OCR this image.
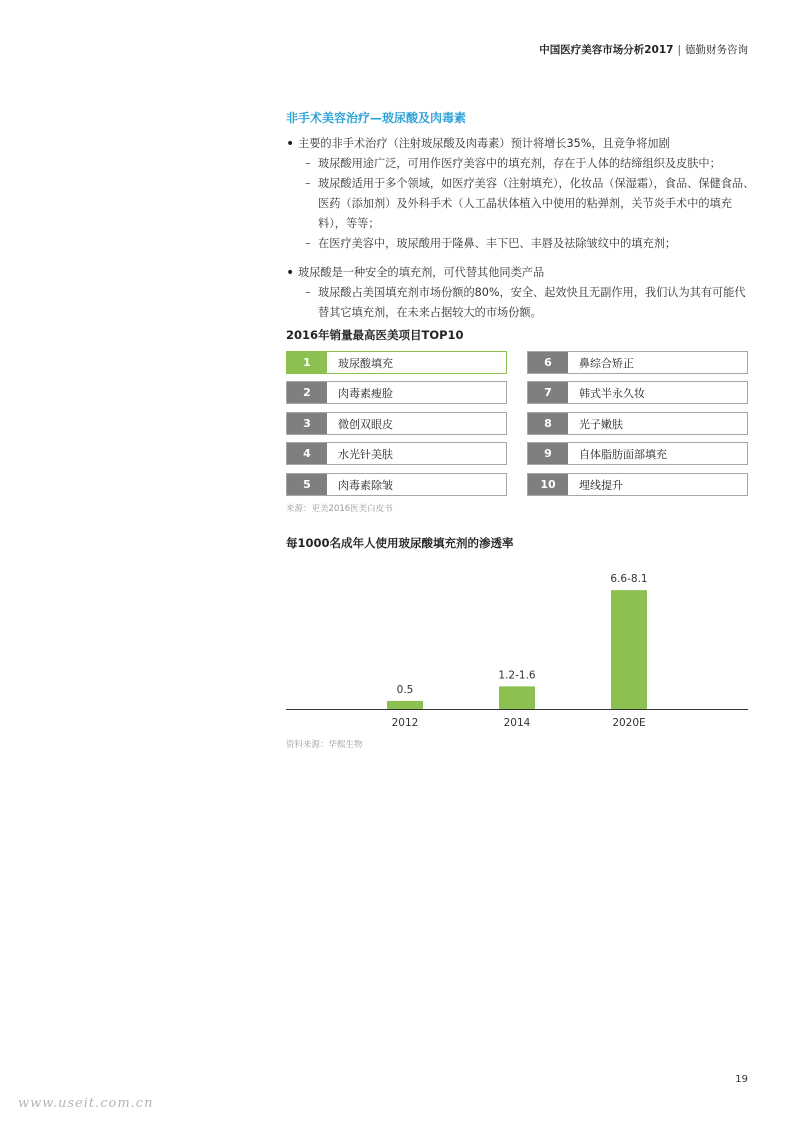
中国医疗美容市场分析2017 | 德勤财务咨询
非手术美容治疗—玻尿酸及肉毒素
• 主要的非手术治疗（注射玻尿酸及肉毒素）预计将增长35%，且竞争将加剧
– 玻尿酸用途广泛，可用作医疗美容中的填充剂，存在于人体的结缔组织及皮肤中；
– 玻尿酸适用于多个领域，如医疗美容（注射填充），化妆品（保湿霜），食品、保健食品、医药（添加剂）及外科手术（人工晶状体植入中使用的粘弹剂，关节炎手术中的填充料），等等；
– 在医疗美容中，玻尿酸用于隆鼻、丰下巴、丰唇及祛除皱纹中的填充剂；
• 玻尿酸是一种安全的填充剂，可代替其他同类产品
– 玻尿酸占美国填充剂市场份额的80%，安全、起效快且无副作用，我们认为其有可能代替其它填充剂，在未来占据较大的市场份额。
2016年销量最高医美项目TOP10
1	玻尿酸填充
2	肉毒素瘦脸
3	微创双眼皮
4	水光针美肤
5	肉毒素除皱
6	鼻综合矫正
7	韩式半永久妆
8	光子嫩肤
9	自体脂肪面部填充
10	埋线提升
来源：更美2016医美白皮书
每1000名成年人使用玻尿酸填充剂的渗透率
0.5
2012
1.2-1.6
2014
6.6-8.1
2020E
资料来源：华熙生物
19
www.useit.com.cn
